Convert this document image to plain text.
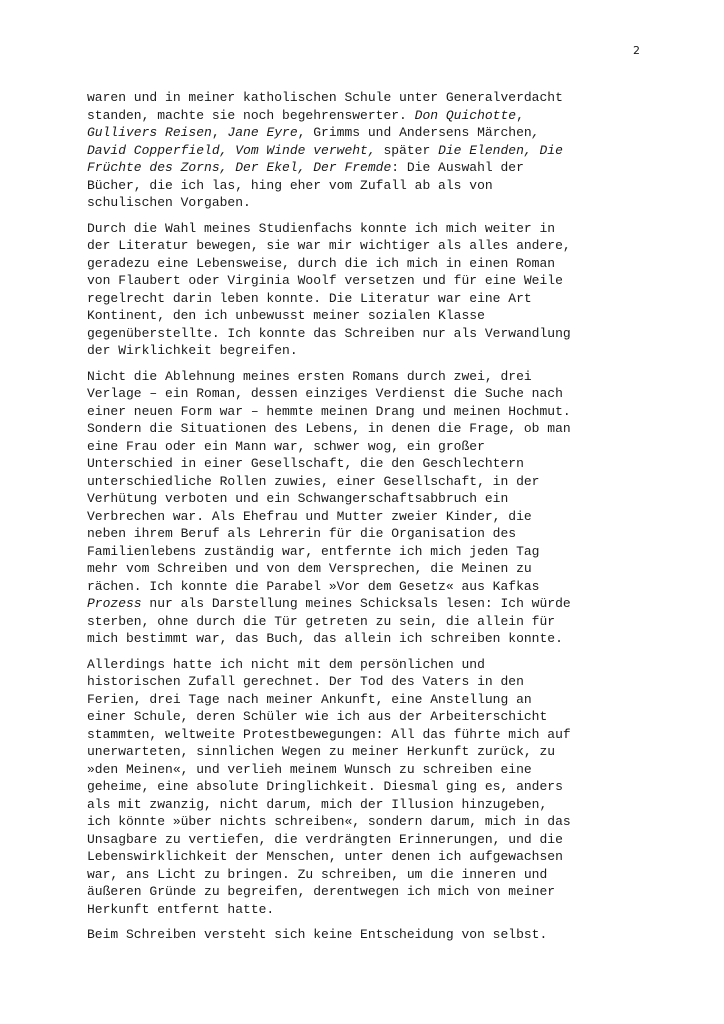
2
waren und in meiner katholischen Schule unter Generalverdacht
standen, machte sie noch begehrenswerter. Don Quichotte,
Gullivers Reisen, Jane Eyre, Grimms und Andersens Märchen,
David Copperfield, Vom Winde verweht, später Die Elenden, Die
Früchte des Zorns, Der Ekel, Der Fremde: Die Auswahl der
Bücher, die ich las, hing eher vom Zufall ab als von
schulischen Vorgaben.
Durch die Wahl meines Studienfachs konnte ich mich weiter in
der Literatur bewegen, sie war mir wichtiger als alles andere,
geradezu eine Lebensweise, durch die ich mich in einen Roman
von Flaubert oder Virginia Woolf versetzen und für eine Weile
regelrecht darin leben konnte. Die Literatur war eine Art
Kontinent, den ich unbewusst meiner sozialen Klasse
gegenüberstellte. Ich konnte das Schreiben nur als Verwandlung
der Wirklichkeit begreifen.
Nicht die Ablehnung meines ersten Romans durch zwei, drei
Verlage – ein Roman, dessen einziges Verdienst die Suche nach
einer neuen Form war – hemmte meinen Drang und meinen Hochmut.
Sondern die Situationen des Lebens, in denen die Frage, ob man
eine Frau oder ein Mann war, schwer wog, ein großer
Unterschied in einer Gesellschaft, die den Geschlechtern
unterschiedliche Rollen zuwies, einer Gesellschaft, in der
Verhütung verboten und ein Schwangerschaftsabbruch ein
Verbrechen war. Als Ehefrau und Mutter zweier Kinder, die
neben ihrem Beruf als Lehrerin für die Organisation des
Familienlebens zuständig war, entfernte ich mich jeden Tag
mehr vom Schreiben und von dem Versprechen, die Meinen zu
rächen. Ich konnte die Parabel »Vor dem Gesetz« aus Kafkas
Prozess nur als Darstellung meines Schicksals lesen: Ich würde
sterben, ohne durch die Tür getreten zu sein, die allein für
mich bestimmt war, das Buch, das allein ich schreiben konnte.
Allerdings hatte ich nicht mit dem persönlichen und
historischen Zufall gerechnet. Der Tod des Vaters in den
Ferien, drei Tage nach meiner Ankunft, eine Anstellung an
einer Schule, deren Schüler wie ich aus der Arbeiterschicht
stammten, weltweite Protestbewegungen: All das führte mich auf
unerwarteten, sinnlichen Wegen zu meiner Herkunft zurück, zu
»den Meinen«, und verlieh meinem Wunsch zu schreiben eine
geheime, eine absolute Dringlichkeit. Diesmal ging es, anders
als mit zwanzig, nicht darum, mich der Illusion hinzugeben,
ich könnte »über nichts schreiben«, sondern darum, mich in das
Unsagbare zu vertiefen, die verdrängten Erinnerungen, und die
Lebenswirklichkeit der Menschen, unter denen ich aufgewachsen
war, ans Licht zu bringen. Zu schreiben, um die inneren und
äußeren Gründe zu begreifen, derentwegen ich mich von meiner
Herkunft entfernt hatte.
Beim Schreiben versteht sich keine Entscheidung von selbst.
